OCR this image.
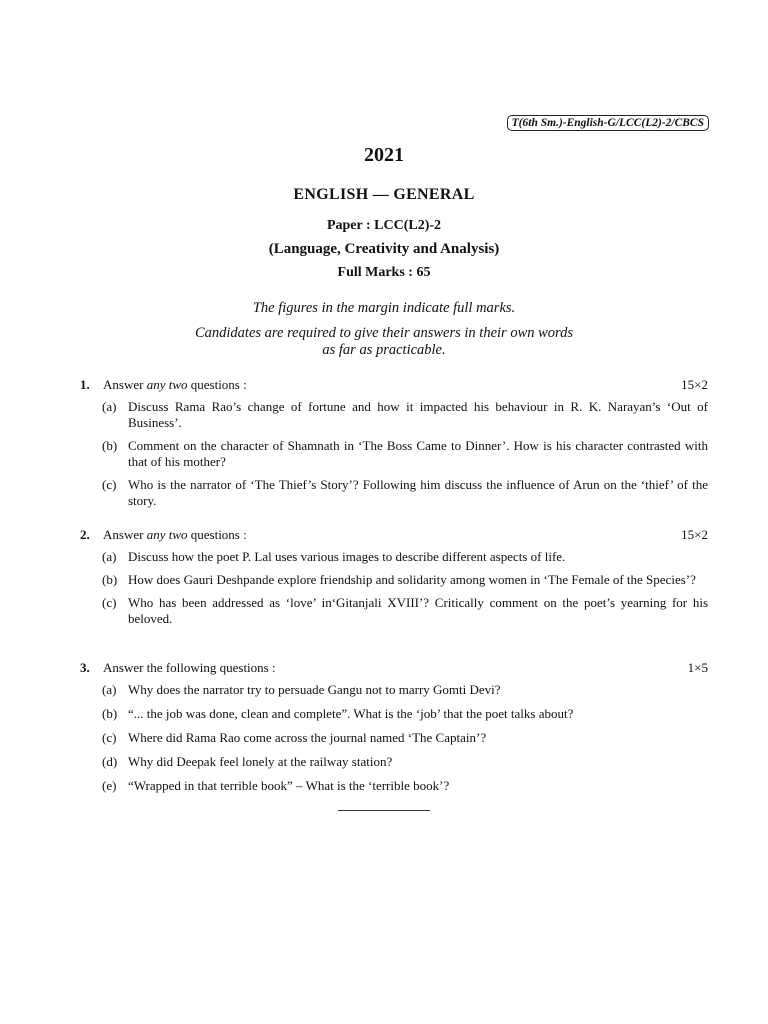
T(6th Sm.)-English-G/LCC(L2)-2/CBCS
2021
ENGLISH — GENERAL
Paper : LCC(L2)-2
(Language, Creativity and Analysis)
Full Marks : 65
The figures in the margin indicate full marks.
Candidates are required to give their answers in their own words
as far as practicable.
1. Answer any two questions :	15×2
(a) Discuss Rama Rao’s change of fortune and how it impacted his behaviour in R. K. Narayan’s ‘Out of Business’.
(b) Comment on the character of Shamnath in ‘The Boss Came to Dinner’. How is his character contrasted with that of his mother?
(c) Who is the narrator of ‘The Thief’s Story’? Following him discuss the influence of Arun on the ‘thief’ of the story.
2. Answer any two questions :	15×2
(a) Discuss how the poet P. Lal uses various images to describe different aspects of life.
(b) How does Gauri Deshpande explore friendship and solidarity among women in ‘The Female of the Species’?
(c) Who has been addressed as ‘love’ in‘Gitanjali XVIII’? Critically comment on the poet’s yearning for his beloved.
3. Answer the following questions :	1×5
(a) Why does the narrator try to persuade Gangu not to marry Gomti Devi?
(b) “... the job was done, clean and complete”. What is the ‘job’ that the poet talks about?
(c) Where did Rama Rao come across the journal named ‘The Captain’?
(d) Why did Deepak feel lonely at the railway station?
(e) “Wrapped in that terrible book” – What is the ‘terrible book’?
